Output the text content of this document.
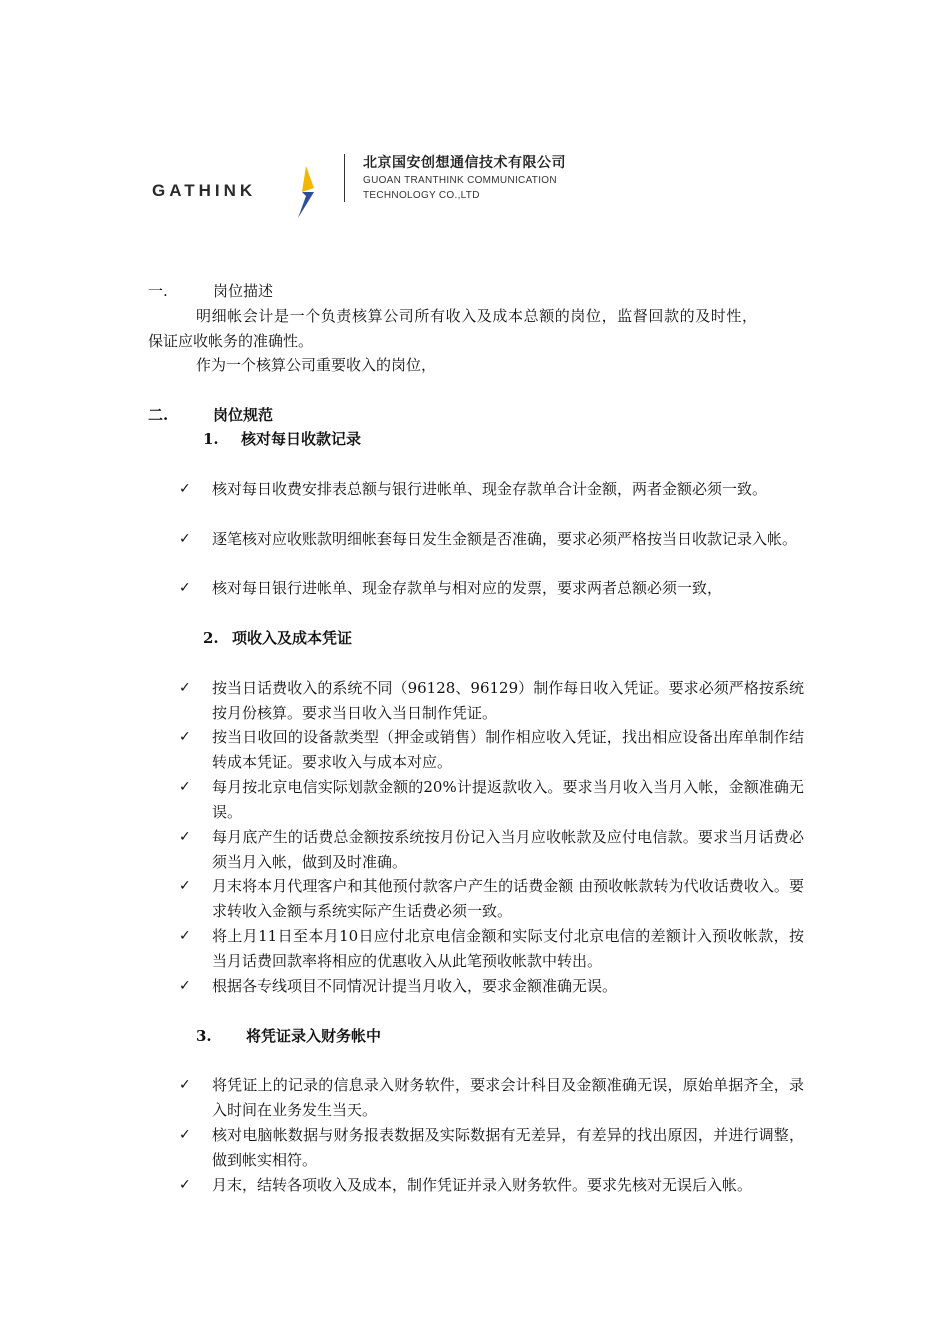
GATHINK
北京国安创想通信技术有限公司
GUOAN TRANTHINK COMMUNICATION
TECHNOLOGY CO.,LTD
一.	岗位描述
明细帐会计是一个负责核算公司所有收入及成本总额的岗位，监督回款的及时性，
保证应收帐务的准确性。
作为一个核算公司重要收入的岗位，
二.	岗位规范
1. 核对每日收款记录
✓ 核对每日收费安排表总额与银行进帐单、现金存款单合计金额，两者金额必须一致。
✓ 逐笔核对应收账款明细帐套每日发生金额是否准确，要求必须严格按当日收款记录入帐。
✓ 核对每日银行进帐单、现金存款单与相对应的发票，要求两者总额必须一致，
2. 项收入及成本凭证
✓ 按当日话费收入的系统不同（96128、96129）制作每日收入凭证。要求必须严格按系统按月份核算。要求当日收入当日制作凭证。
✓ 按当日收回的设备款类型（押金或销售）制作相应收入凭证，找出相应设备出库单制作结转成本凭证。要求收入与成本对应。
✓ 每月按北京电信实际划款金额的20%计提返款收入。要求当月收入当月入帐，金额准确无误。
✓ 每月底产生的话费总金额按系统按月份记入当月应收帐款及应付电信款。要求当月话费必须当月入帐，做到及时准确。
✓ 月末将本月代理客户和其他预付款客户产生的话费金额 由预收帐款转为代收话费收入。要求转收入金额与系统实际产生话费必须一致。
✓ 将上月11日至本月10日应付北京电信金额和实际支付北京电信的差额计入预收帐款，按当月话费回款率将相应的优惠收入从此笔预收帐款中转出。
✓ 根据各专线项目不同情况计提当月收入，要求金额准确无误。
3. 将凭证录入财务帐中
✓ 将凭证上的记录的信息录入财务软件，要求会计科目及金额准确无误，原始单据齐全，录入时间在业务发生当天。
✓ 核对电脑帐数据与财务报表数据及实际数据有无差异，有差异的找出原因，并进行调整，做到帐实相符。
✓ 月末，结转各项收入及成本，制作凭证并录入财务软件。要求先核对无误后入帐。
